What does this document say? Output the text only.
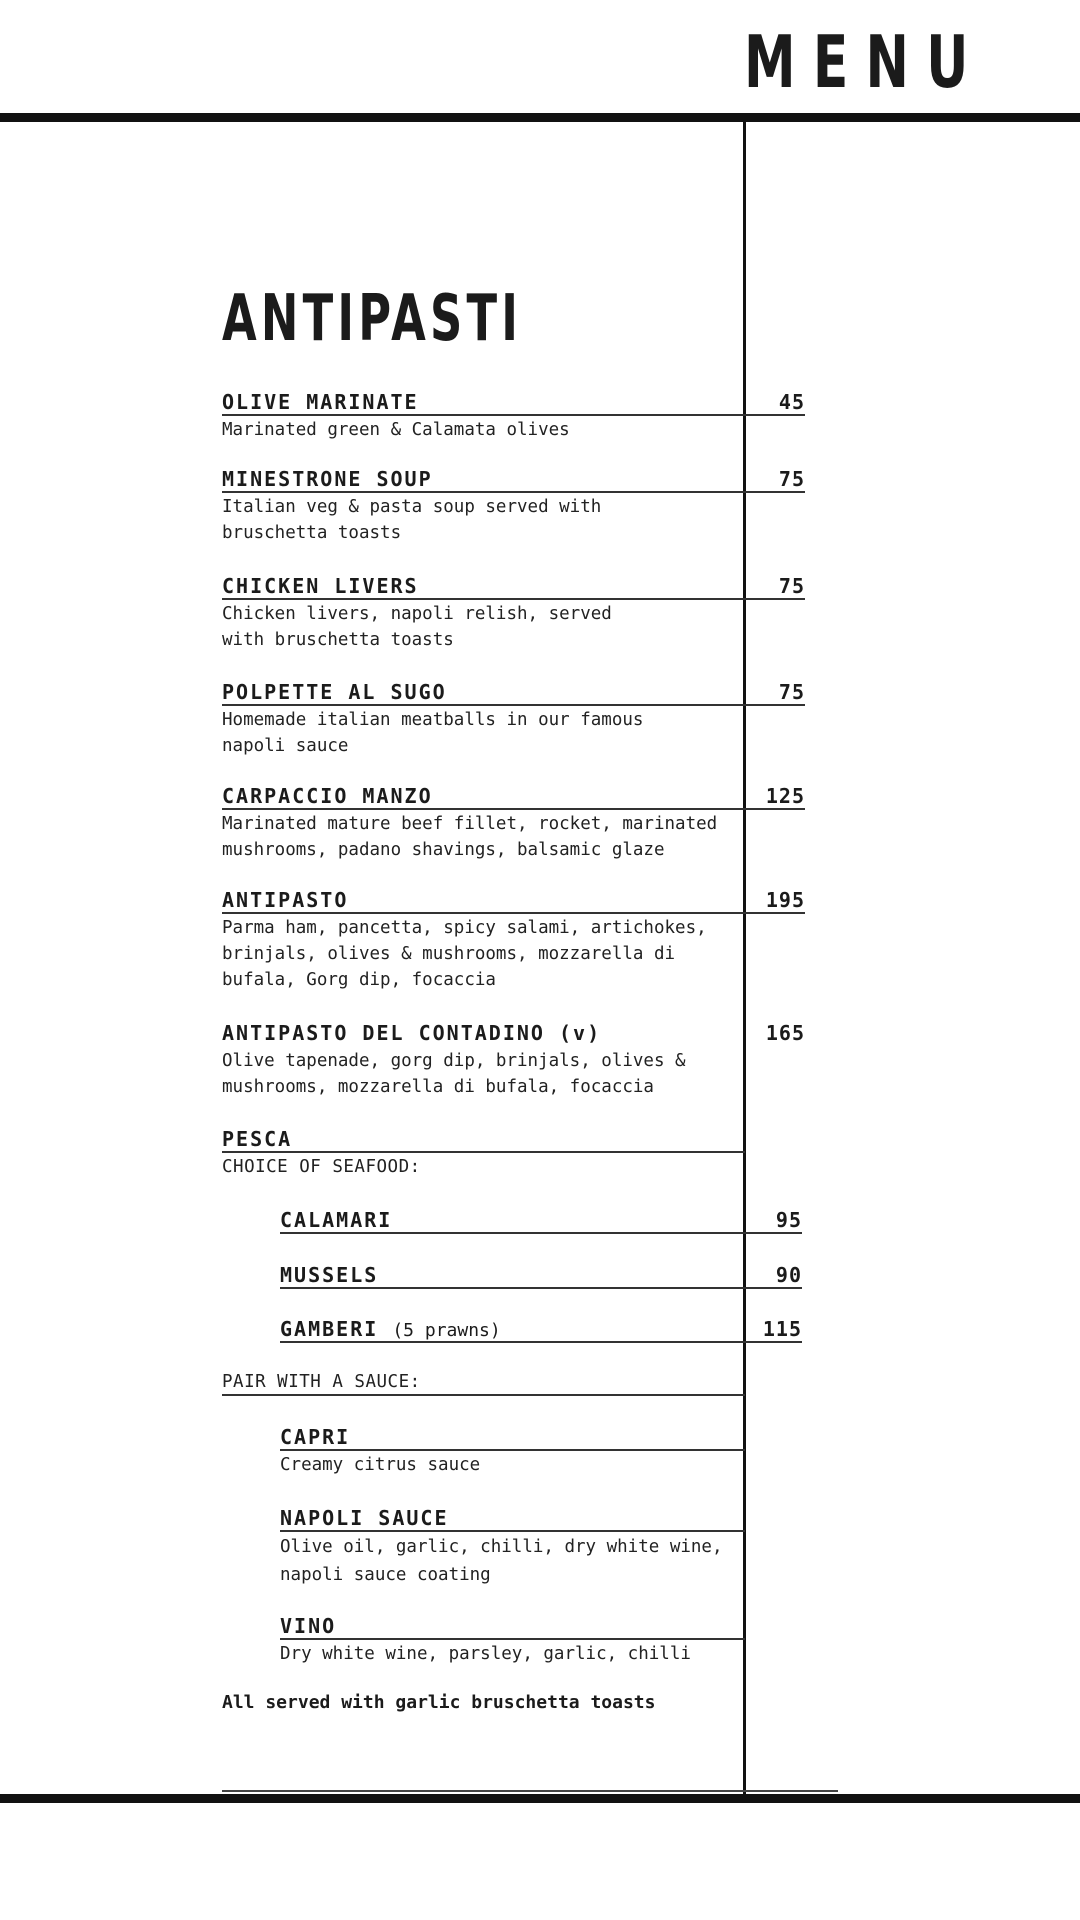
MENU
ANTIPASTI
OLIVE MARINATE	45
Marinated green & Calamata olives
MINESTRONE SOUP	75
Italian veg & pasta soup served with
bruschetta toasts
CHICKEN LIVERS	75
Chicken livers, napoli relish, served
with bruschetta toasts
POLPETTE AL SUGO	75
Homemade italian meatballs in our famous
napoli sauce
CARPACCIO MANZO	125
Marinated mature beef fillet, rocket, marinated
mushrooms, padano shavings, balsamic glaze
ANTIPASTO	195
Parma ham, pancetta, spicy salami, artichokes,
brinjals, olives & mushrooms, mozzarella di
bufala, Gorg dip, focaccia
ANTIPASTO DEL CONTADINO (v)	165
Olive tapenade, gorg dip, brinjals, olives &
mushrooms, mozzarella di bufala, focaccia
PESCA
CHOICE OF SEAFOOD:
CALAMARI	95
MUSSELS	90
GAMBERI (5 prawns)	115
PAIR WITH A SAUCE:
CAPRI
Creamy citrus sauce
NAPOLI SAUCE
Olive oil, garlic, chilli, dry white wine,
napoli sauce coating
VINO
Dry white wine, parsley, garlic, chilli
All served with garlic bruschetta toasts
